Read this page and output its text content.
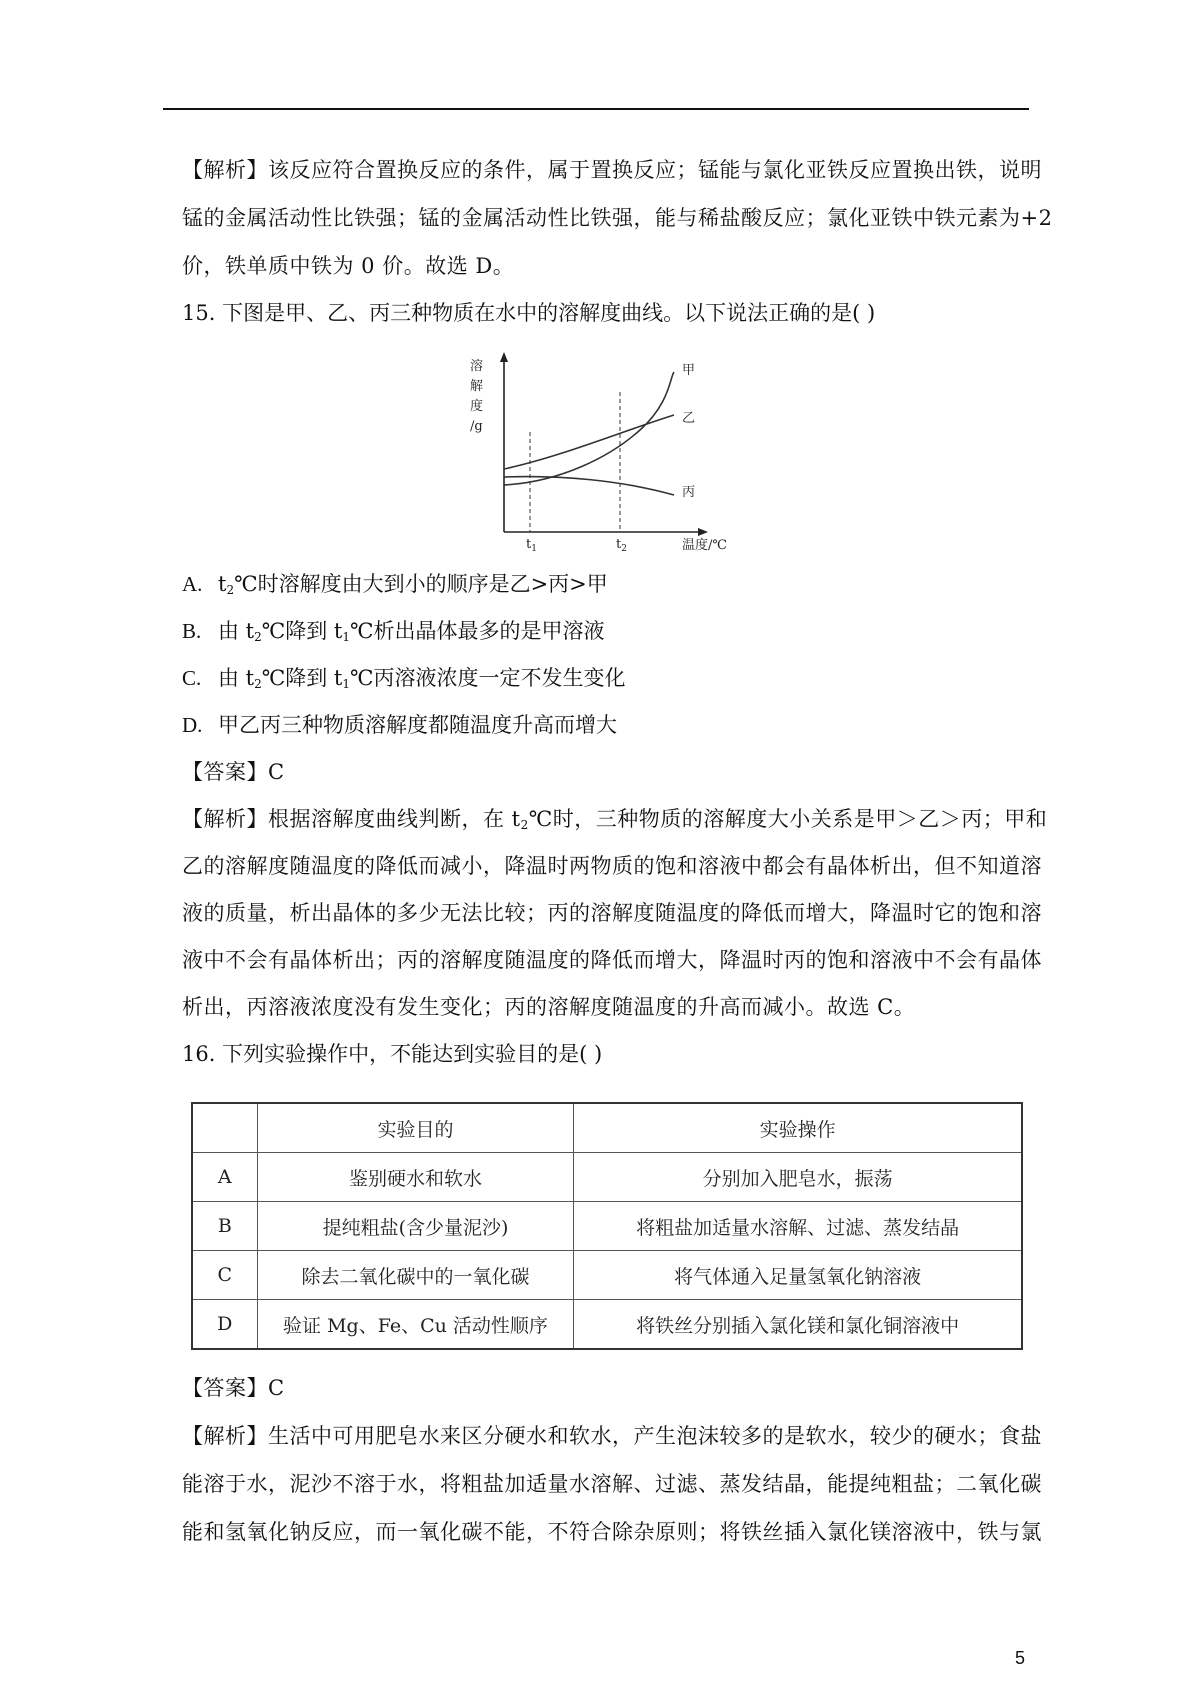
【解析】该反应符合置换反应的条件，属于置换反应；锰能与氯化亚铁反应置换出铁，说明
锰的金属活动性比铁强；锰的金属活动性比铁强，能与稀盐酸反应；氯化亚铁中铁元素为+2
价，铁单质中铁为 0 价。故选 D。
15. 下图是甲、乙、丙三种物质在水中的溶解度曲线。以下说法正确的是( )
溶
解
度
/g
甲
乙
丙
$t_1$	$t_2$	温度/℃
A. $t_2℃$时溶解度由大到小的顺序是乙>丙>甲
B. 由 $t_2℃$降到 $t_1℃$析出晶体最多的是甲溶液
C. 由 $t_2℃$降到 $t_1℃$丙溶液浓度一定不发生变化
D. 甲乙丙三种物质溶解度都随温度升高而增大
【答案】C
【解析】根据溶解度曲线判断，在 $t_2℃$时，三种物质的溶解度大小关系是甲＞乙＞丙；甲和
乙的溶解度随温度的降低而减小，降温时两物质的饱和溶液中都会有晶体析出，但不知道溶
液的质量，析出晶体的多少无法比较；丙的溶解度随温度的降低而增大，降温时它的饱和溶
液中不会有晶体析出；丙的溶解度随温度的降低而增大，降温时丙的饱和溶液中不会有晶体
析出，丙溶液浓度没有发生变化；丙的溶解度随温度的升高而减小。故选 C。
16. 下列实验操作中，不能达到实验目的是( )
	实验目的	实验操作
A	鉴别硬水和软水	分别加入肥皂水，振荡
B	提纯粗盐(含少量泥沙)	将粗盐加适量水溶解、过滤、蒸发结晶
C	除去二氧化碳中的一氧化碳	将气体通入足量氢氧化钠溶液
D	验证 Mg、Fe、Cu 活动性顺序	将铁丝分别插入氯化镁和氯化铜溶液中
【答案】C
【解析】生活中可用肥皂水来区分硬水和软水，产生泡沫较多的是软水，较少的硬水；食盐
能溶于水，泥沙不溶于水，将粗盐加适量水溶解、过滤、蒸发结晶，能提纯粗盐；二氧化碳
能和氢氧化钠反应，而一氧化碳不能，不符合除杂原则；将铁丝插入氯化镁溶液中，铁与氯
5
